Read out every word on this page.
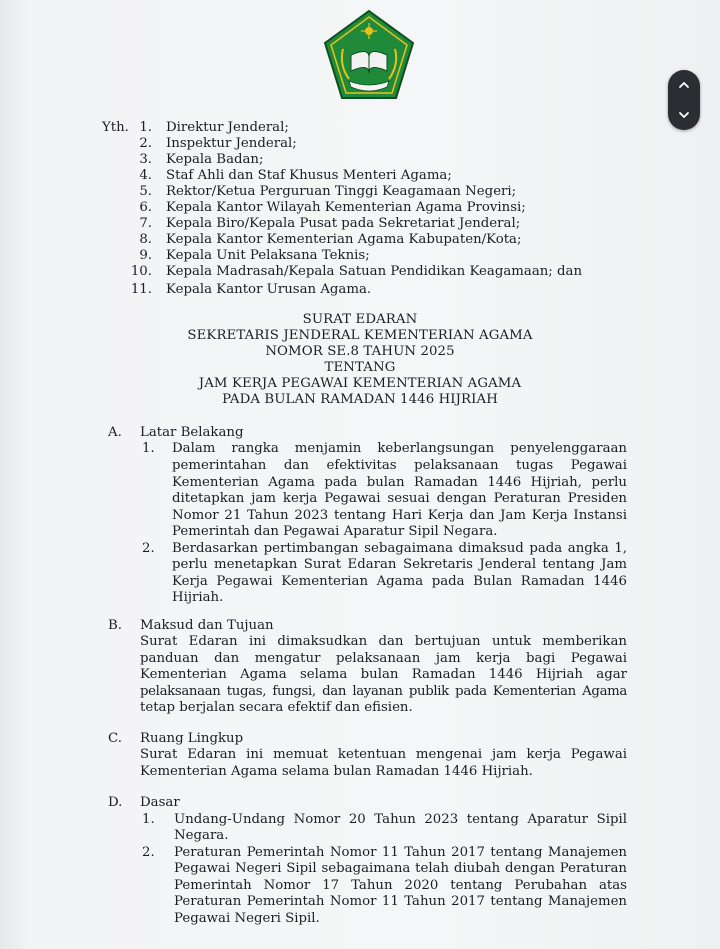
Yth. 1. Direktur Jenderal;
2. Inspektur Jenderal;
3. Kepala Badan;
4. Staf Ahli dan Staf Khusus Menteri Agama;
5. Rektor/Ketua Perguruan Tinggi Keagamaan Negeri;
6. Kepala Kantor Wilayah Kementerian Agama Provinsi;
7. Kepala Biro/Kepala Pusat pada Sekretariat Jenderal;
8. Kepala Kantor Kementerian Agama Kabupaten/Kota;
9. Kepala Unit Pelaksana Teknis;
10. Kepala Madrasah/Kepala Satuan Pendidikan Keagamaan; dan
11. Kepala Kantor Urusan Agama.
SURAT EDARAN
SEKRETARIS JENDERAL KEMENTERIAN AGAMA
NOMOR SE.8 TAHUN 2025
TENTANG
JAM KERJA PEGAWAI KEMENTERIAN AGAMA
PADA BULAN RAMADAN 1446 HIJRIAH
A. Latar Belakang
1. Dalam rangka menjamin keberlangsungan penyelenggaraan
pemerintahan dan efektivitas pelaksanaan tugas Pegawai
Kementerian Agama pada bulan Ramadan 1446 Hijriah, perlu
ditetapkan jam kerja Pegawai sesuai dengan Peraturan Presiden
Nomor 21 Tahun 2023 tentang Hari Kerja dan Jam Kerja Instansi
Pemerintah dan Pegawai Aparatur Sipil Negara.
2. Berdasarkan pertimbangan sebagaimana dimaksud pada angka 1,
perlu menetapkan Surat Edaran Sekretaris Jenderal tentang Jam
Kerja Pegawai Kementerian Agama pada Bulan Ramadan 1446
Hijriah.
B. Maksud dan Tujuan
Surat Edaran ini dimaksudkan dan bertujuan untuk memberikan
panduan dan mengatur pelaksanaan jam kerja bagi Pegawai
Kementerian Agama selama bulan Ramadan 1446 Hijriah agar
pelaksanaan tugas, fungsi, dan layanan publik pada Kementerian Agama
tetap berjalan secara efektif dan efisien.
C. Ruang Lingkup
Surat Edaran ini memuat ketentuan mengenai jam kerja Pegawai
Kementerian Agama selama bulan Ramadan 1446 Hijriah.
D. Dasar
1. Undang-Undang Nomor 20 Tahun 2023 tentang Aparatur Sipil
Negara.
2. Peraturan Pemerintah Nomor 11 Tahun 2017 tentang Manajemen
Pegawai Negeri Sipil sebagaimana telah diubah dengan Peraturan
Pemerintah Nomor 17 Tahun 2020 tentang Perubahan atas
Peraturan Pemerintah Nomor 11 Tahun 2017 tentang Manajemen
Pegawai Negeri Sipil.
